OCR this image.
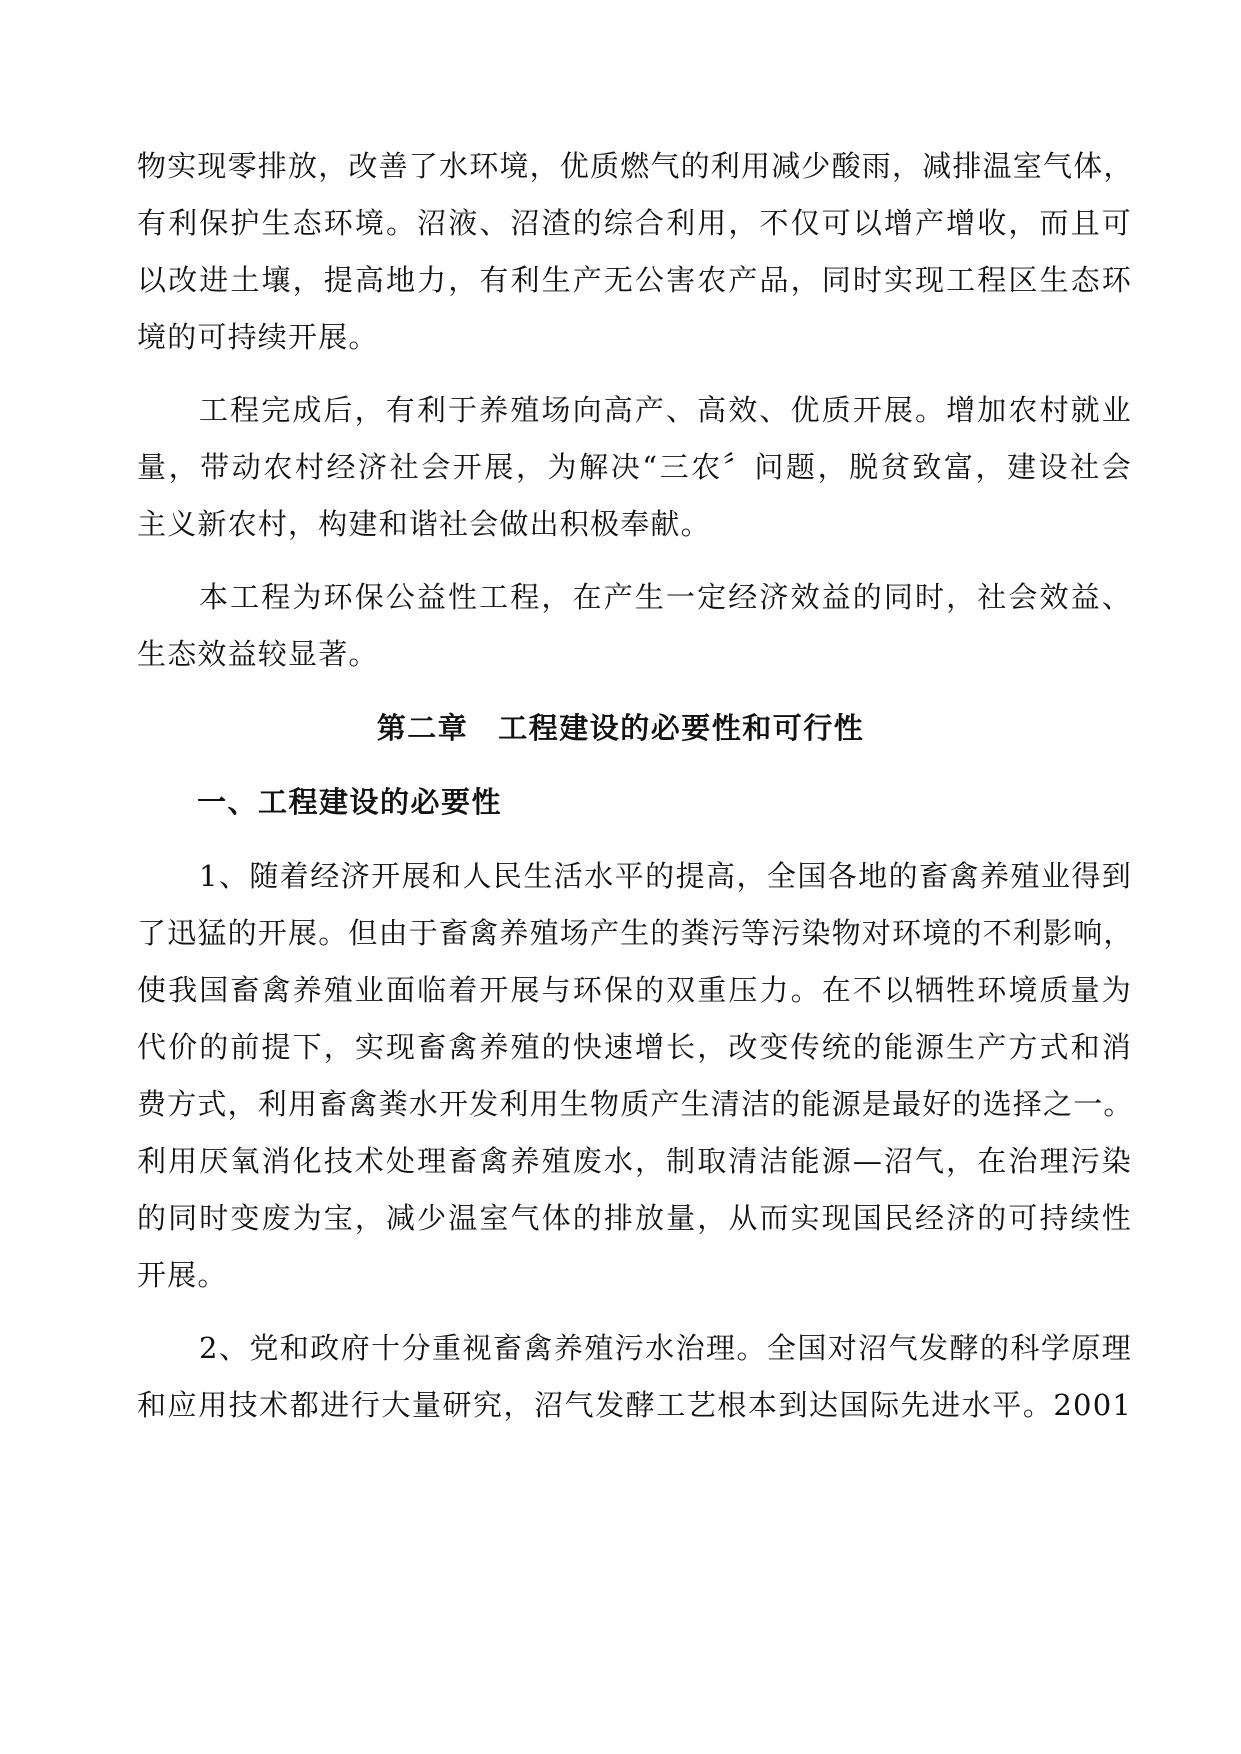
物实现零排放，改善了水环境，优质燃气的利用减少酸雨，减排温室气体，
有利保护生态环境。沼液、沼渣的综合利用，不仅可以增产增收，而且可
以改进土壤，提高地力，有利生产无公害农产品，同时实现工程区生态环
境的可持续开展。
工程完成后，有利于养殖场向高产、高效、优质开展。增加农村就业
量，带动农村经济社会开展，为解决“三农〞问题，脱贫致富，建设社会
主义新农村，构建和谐社会做出积极奉献。
本工程为环保公益性工程，在产生一定经济效益的同时，社会效益、
生态效益较显著。
第二章 工程建设的必要性和可行性
一、工程建设的必要性
1、随着经济开展和人民生活水平的提高，全国各地的畜禽养殖业得到
了迅猛的开展。但由于畜禽养殖场产生的粪污等污染物对环境的不利影响，
使我国畜禽养殖业面临着开展与环保的双重压力。在不以牺牲环境质量为
代价的前提下，实现畜禽养殖的快速增长，改变传统的能源生产方式和消
费方式，利用畜禽粪水开发利用生物质产生清洁的能源是最好的选择之一。
利用厌氧消化技术处理畜禽养殖废水，制取清洁能源—沼气，在治理污染
的同时变废为宝，减少温室气体的排放量，从而实现国民经济的可持续性
开展。
2、党和政府十分重视畜禽养殖污水治理。全国对沼气发酵的科学原理
和应用技术都进行大量研究，沼气发酵工艺根本到达国际先进水平。2001
